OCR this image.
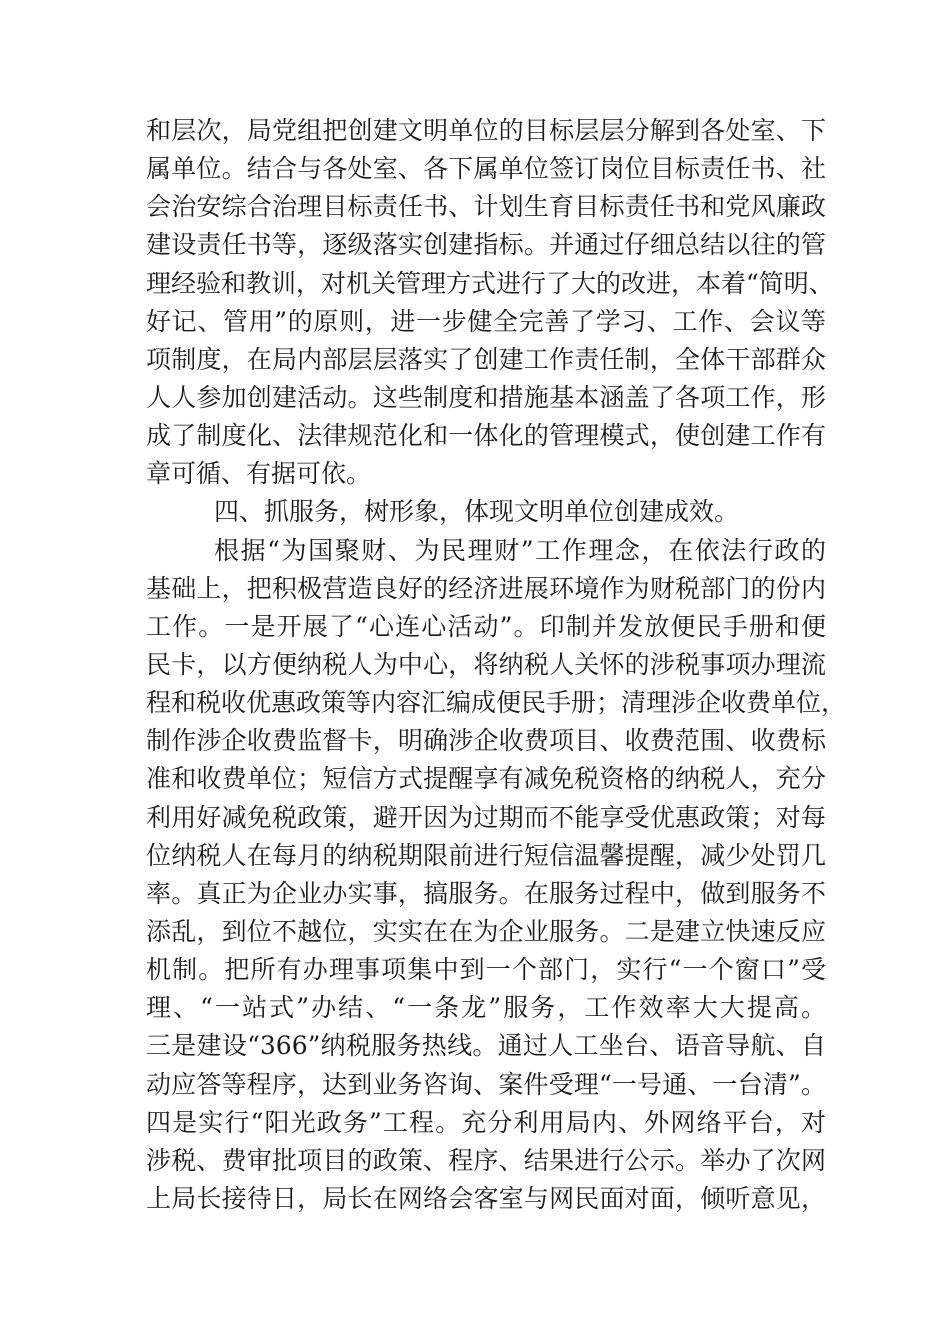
和层次，局党组把创建文明单位的目标层层分解到各处室、下
属单位。结合与各处室、各下属单位签订岗位目标责任书、社
会治安综合治理目标责任书、计划生育目标责任书和党风廉政
建设责任书等，逐级落实创建指标。并通过仔细总结以往的管
理经验和教训，对机关管理方式进行了大的改进，本着“简明、
好记、管用”的原则，进一步健全完善了学习、工作、会议等
项制度，在局内部层层落实了创建工作责任制，全体干部群众
人人参加创建活动。这些制度和措施基本涵盖了各项工作，形
成了制度化、法律规范化和一体化的管理模式，使创建工作有
章可循、有据可依。
四、抓服务，树形象，体现文明单位创建成效。
根据“为国聚财、为民理财”工作理念，在依法行政的
基础上，把积极营造良好的经济进展环境作为财税部门的份内
工作。一是开展了“心连心活动”。印制并发放便民手册和便
民卡，以方便纳税人为中心，将纳税人关怀的涉税事项办理流
程和税收优惠政策等内容汇编成便民手册；清理涉企收费单位，
制作涉企收费监督卡，明确涉企收费项目、收费范围、收费标
准和收费单位；短信方式提醒享有减免税资格的纳税人，充分
利用好减免税政策，避开因为过期而不能享受优惠政策；对每
位纳税人在每月的纳税期限前进行短信温馨提醒，减少处罚几
率。真正为企业办实事，搞服务。在服务过程中，做到服务不
添乱，到位不越位，实实在在为企业服务。二是建立快速反应
机制。把所有办理事项集中到一个部门，实行“一个窗口”受
理、“一站式”办结、“一条龙”服务，工作效率大大提高。
三是建设“366”纳税服务热线。通过人工坐台、语音导航、自
动应答等程序，达到业务咨询、案件受理“一号通、一台清”。
四是实行“阳光政务”工程。充分利用局内、外网络平台，对
涉税、费审批项目的政策、程序、结果进行公示。举办了次网
上局长接待日，局长在网络会客室与网民面对面，倾听意见，
